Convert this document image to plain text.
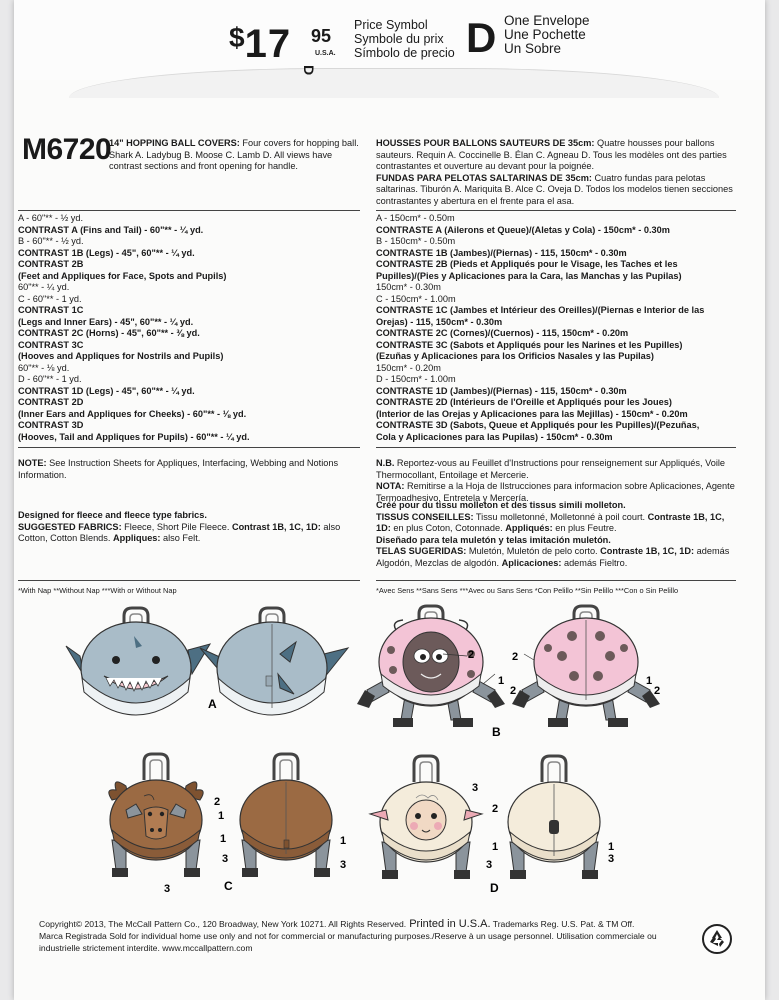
$17 95
U.S.A.
D
Price Symbol
Symbole du prix
Símbolo de precio D One Envelope
Une Pochette
Un Sobre
M6720
14" HOPPING BALL COVERS: Four covers for hopping ball. Shark A. Ladybug B. Moose C. Lamb D. All views have contrast sections and front opening for handle.
HOUSSES POUR BALLONS SAUTEURS DE 35cm: Quatre housses pour ballons sauteurs. Requin A. Coccinelle B. Élan C. Agneau D. Tous les modèles ont des parties contrastantes et ouverture au devant pour la poignée.
FUNDAS PARA PELOTAS SALTARINAS DE 35cm: Cuatro fundas para pelotas saltarinas. Tiburón A. Mariquita B. Alce C. Oveja D. Todos los modelos tienen secciones contrastantes y abertura en el frente para el asa.
A - 60"** - ½ yd.
CONTRAST A (Fins and Tail) - 60"** - ¼ yd.
B - 60"** - ½ yd.
CONTRAST 1B (Legs) - 45", 60"** - ¼ yd.
CONTRAST 2B
(Feet and Appliques for Face, Spots and Pupils)
60"** - ¼ yd.
C - 60"** - 1 yd.
CONTRAST 1C
(Legs and Inner Ears) - 45", 60"** - ¼ yd.
CONTRAST 2C (Horns) - 45", 60"** - ⅜ yd.
CONTRAST 3C
(Hooves and Appliques for Nostrils and Pupils)
60"** - ⅛ yd.
D - 60"** - 1 yd.
CONTRAST 1D (Legs) - 45", 60"** - ¼ yd.
CONTRAST 2D
(Inner Ears and Appliques for Cheeks) - 60"** - ⅛ yd.
CONTRAST 3D
(Hooves, Tail and Appliques for Pupils) - 60"** - ¼ yd.
A - 150cm* - 0.50m
CONTRASTE A (Ailerons et Queue)/(Aletas y Cola) - 150cm* - 0.30m
B - 150cm* - 0.50m
CONTRASTE 1B (Jambes)/(Piernas) - 115, 150cm* - 0.30m
CONTRASTE 2B (Pieds et Appliqués pour le Visage, les Taches et les
Pupilles)/(Pies y Aplicaciones para la Cara, las Manchas y las Pupilas)
150cm* - 0.30m
C - 150cm* - 1.00m
CONTRASTE 1C (Jambes et Intérieur des Oreilles)/(Piernas e Interior de las
Orejas) - 115, 150cm* - 0.30m
CONTRASTE 2C (Cornes)/(Cuernos) - 115, 150cm* - 0.20m
CONTRASTE 3C (Sabots et Appliqués pour les Narines et les Pupilles)
(Ezuñas y Aplicaciones para los Orificios Nasales y las Pupilas)
150cm* - 0.20m
D - 150cm* - 1.00m
CONTRASTE 1D (Jambes)/(Piernas) - 115, 150cm* - 0.30m
CONTRASTE 2D (Intérieurs de l'Oreille et Appliqués pour les Joues)
(Interior de las Orejas y Aplicaciones para las Mejillas) - 150cm* - 0.20m
CONTRASTE 3D (Sabots, Queue et Appliqués pour les Pupilles)/(Pezuñas,
Cola y Aplicaciones para las Pupilas) - 150cm* - 0.30m
NOTE: See Instruction Sheets for Appliques, Interfacing, Webbing and Notions Information.
N.B. Reportez-vous au Feuillet d'Instructions pour renseignement sur Appliqués, Voile Thermocollant, Entoilage et Mercerie.
NOTA: Remitirse a la Hoja de Ilstrucciones para informacion sobre Aplicaciones, Agente Termoadhesivo, Entretela y Mercería.
Designed for fleece and fleece type fabrics.
SUGGESTED FABRICS: Fleece, Short Pile Fleece. Contrast 1B, 1C, 1D: also Cotton, Cotton Blends. Appliques: also Felt.
Créé pour du tissu molleton et des tissus simili molleton.
TISSUS CONSEILLES: Tissu molletonné, Molletonné à poil court. Contraste 1B, 1C, 1D: en plus Coton, Cotonnade. Appliqués: en plus Feutre.
Diseñado para tela muletón y telas imitación muletón.
TELAS SUGERIDAS: Muletón, Muletón de pelo corto. Contraste 1B, 1C, 1D: además Algodón, Mezclas de algodón. Aplicaciones: además Fieltro.
*With Nap **Without Nap ***With or Without Nap	*Avec Sens **Sans Sens ***Avec ou Sans Sens *Con Pelillo **Sin Pelillo ***Con o Sin Pelillo
A
2
1
2
2
1
2
B
2
1
1
3
3
1
3
C
3
2
1
3
1
3
D
Copyright© 2013, The McCall Pattern Co., 120 Broadway, New York 10271. All Rights Reserved. Printed in U.S.A. Trademarks Reg. U.S. Pat. & TM Off.
Marca Registrada Sold for individual home use only and not for commercial or manufacturing purposes./Reserve à un usage personnel. Utilisation commerciale ou
industrielle strictement interdite. www.mccallpattern.com
